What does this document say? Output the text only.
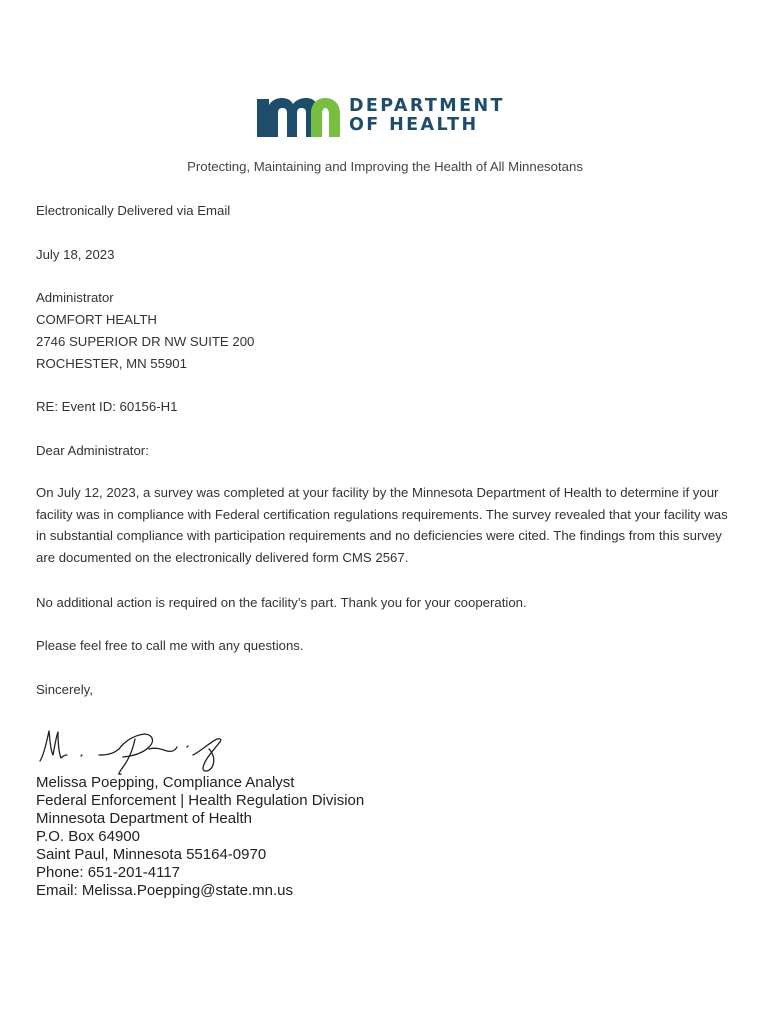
DEPARTMENT
OF HEALTH
Protecting, Maintaining and Improving the Health of All Minnesotans
Electronically Delivered via Email
July 18, 2023
Administrator
COMFORT HEALTH
2746 SUPERIOR DR NW SUITE 200
ROCHESTER, MN 55901
RE: Event ID: 60156-H1
Dear Administrator:
On July 12, 2023, a survey was completed at your facility by the Minnesota Department of Health to determine if your facility was in compliance with Federal certification regulations requirements. The survey revealed that your facility was in substantial compliance with participation requirements and no deficiencies were cited. The findings from this survey are documented on the electronically delivered form CMS 2567.
No additional action is required on the facility’s part. Thank you for your cooperation.
Please feel free to call me with any questions.
Sincerely,
Melissa Poepping, Compliance Analyst
Federal Enforcement | Health Regulation Division
Minnesota Department of Health
P.O. Box 64900
Saint Paul, Minnesota 55164-0970
Phone: 651-201-4117
Email: Melissa.Poepping@state.mn.us
